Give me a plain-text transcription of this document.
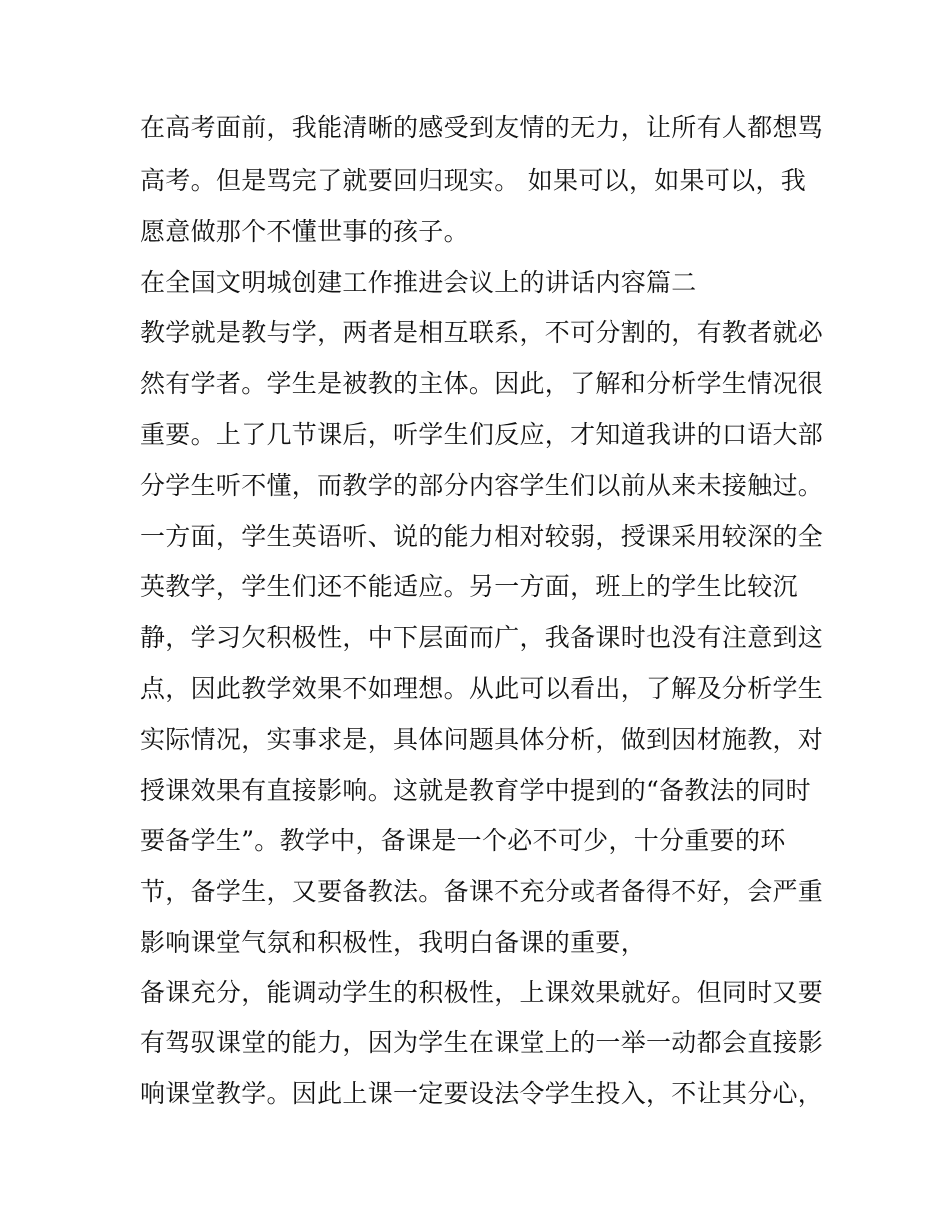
在高考面前，我能清晰的感受到友情的无力，让所有人都想骂
高考。但是骂完了就要回归现实。 如果可以，如果可以，我
愿意做那个不懂世事的孩子。
在全国文明城创建工作推进会议上的讲话内容篇二
教学就是教与学，两者是相互联系，不可分割的，有教者就必
然有学者。学生是被教的主体。因此，了解和分析学生情况很
重要。上了几节课后，听学生们反应，才知道我讲的口语大部
分学生听不懂，而教学的部分内容学生们以前从来未接触过。
一方面，学生英语听、说的能力相对较弱，授课采用较深的全
英教学，学生们还不能适应。另一方面，班上的学生比较沉
静，学习欠积极性，中下层面而广，我备课时也没有注意到这
点，因此教学效果不如理想。从此可以看出，了解及分析学生
实际情况，实事求是，具体问题具体分析，做到因材施教，对
授课效果有直接影响。这就是教育学中提到的“备教法的同时
要备学生”。教学中，备课是一个必不可少，十分重要的环
节，备学生，又要备教法。备课不充分或者备得不好，会严重
影响课堂气氛和积极性，我明白备课的重要，
备课充分，能调动学生的积极性，上课效果就好。但同时又要
有驾驭课堂的能力，因为学生在课堂上的一举一动都会直接影
响课堂教学。因此上课一定要设法令学生投入，不让其分心，
